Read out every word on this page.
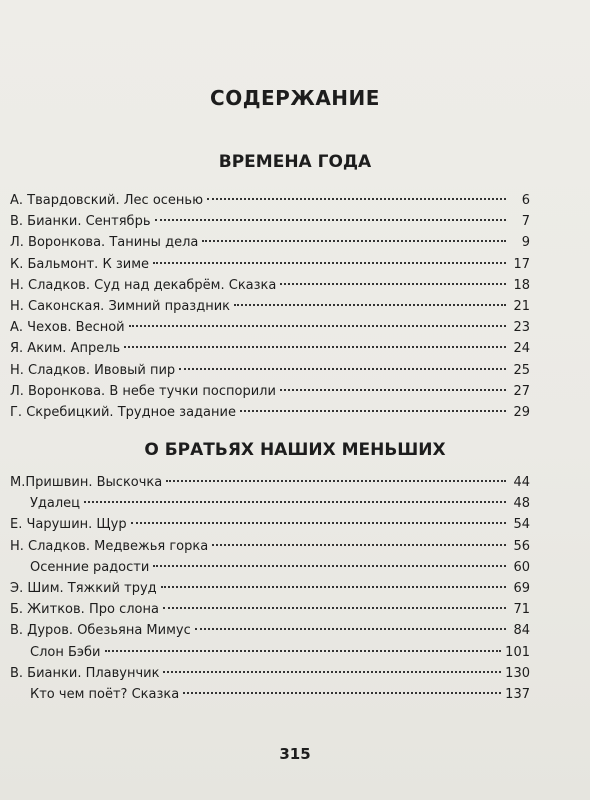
СОДЕРЖАНИЕ
ВРЕМЕНА ГОДА
А. Твардовский. Лес осенью	6
В. Бианки. Сентябрь	7
Л. Воронкова. Танины дела	9
К. Бальмонт. К зиме	17
Н. Сладков. Суд над декабрём. Сказка	18
Н. Саконская. Зимний праздник	21
А. Чехов. Весной	23
Я. Аким. Апрель	24
Н. Сладков. Ивовый пир	25
Л. Воронкова. В небе тучки поспорили	27
Г. Скребицкий. Трудное задание	29
О БРАТЬЯХ НАШИХ МЕНЬШИХ
М.Пришвин. Выскочка	44
Удалец	48
Е. Чарушин. Щур	54
Н. Сладков. Медвежья горка	56
Осенние радости	60
Э. Шим. Тяжкий труд	69
Б. Житков. Про слона	71
В. Дуров. Обезьяна Мимус	84
Слон Бэби	101
В. Бианки. Плавунчик	130
Кто чем поёт? Сказка	137
315
